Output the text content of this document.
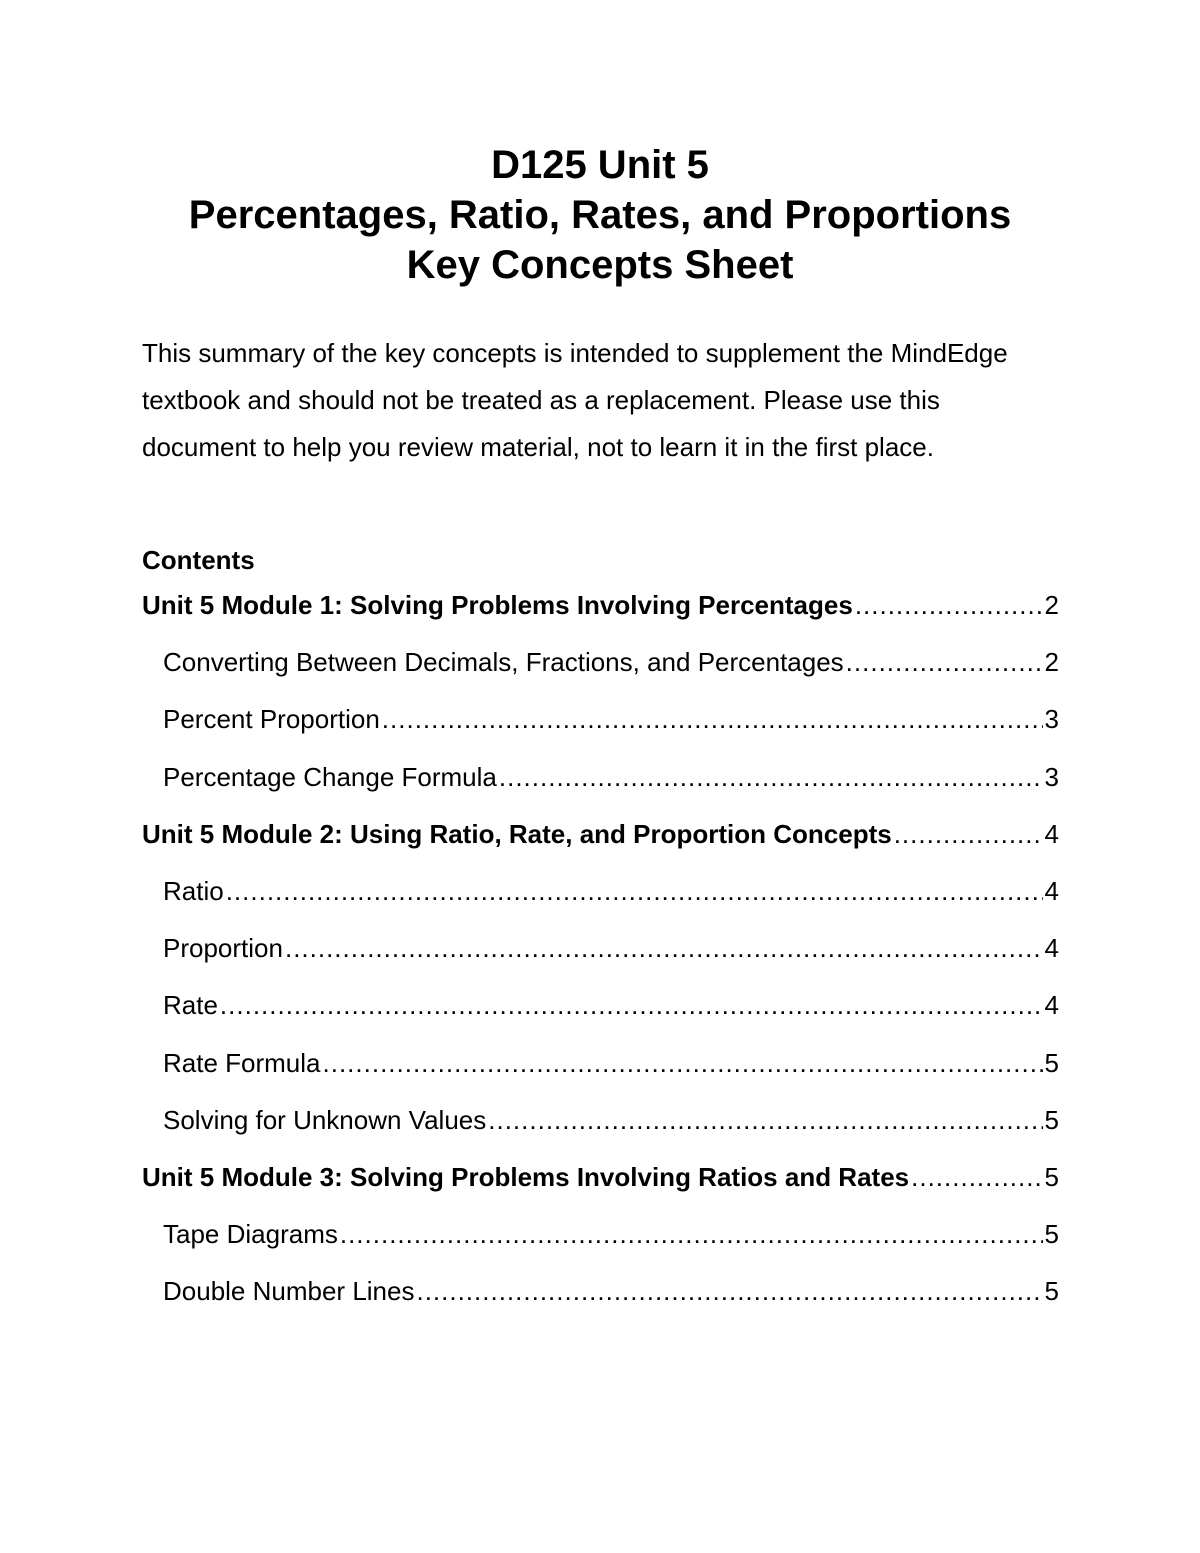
D125 Unit 5
Percentages, Ratio, Rates, and Proportions
Key Concepts Sheet
This summary of the key concepts is intended to supplement the MindEdge
textbook and should not be treated as a replacement. Please use this
document to help you review material, not to learn it in the first place.
Contents
Unit 5 Module 1: Solving Problems Involving Percentages .....	2
Converting Between Decimals, Fractions, and Percentages .....	2
Percent Proportion .....	3
Percentage Change Formula .....	3
Unit 5 Module 2: Using Ratio, Rate, and Proportion Concepts .....	4
Ratio .....	4
Proportion .....	4
Rate .....	4
Rate Formula .....	5
Solving for Unknown Values .....	5
Unit 5 Module 3: Solving Problems Involving Ratios and Rates .....	5
Tape Diagrams .....	5
Double Number Lines .....	5
